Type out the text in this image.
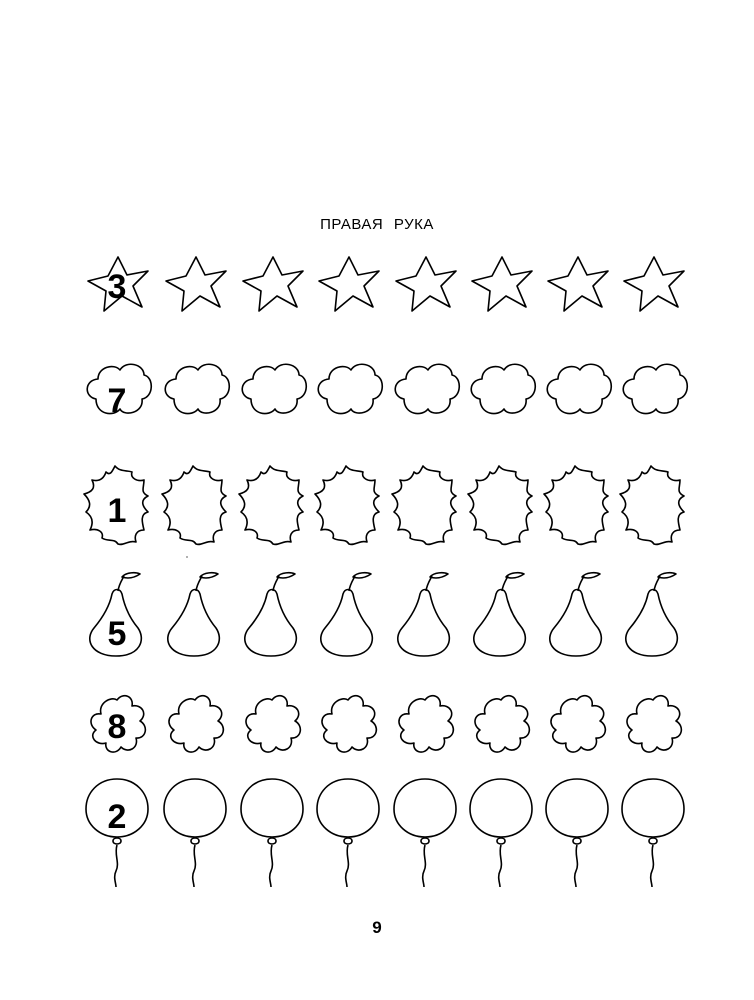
ПРАВАЯ РУКА
3
7
1
5
8
2
9
